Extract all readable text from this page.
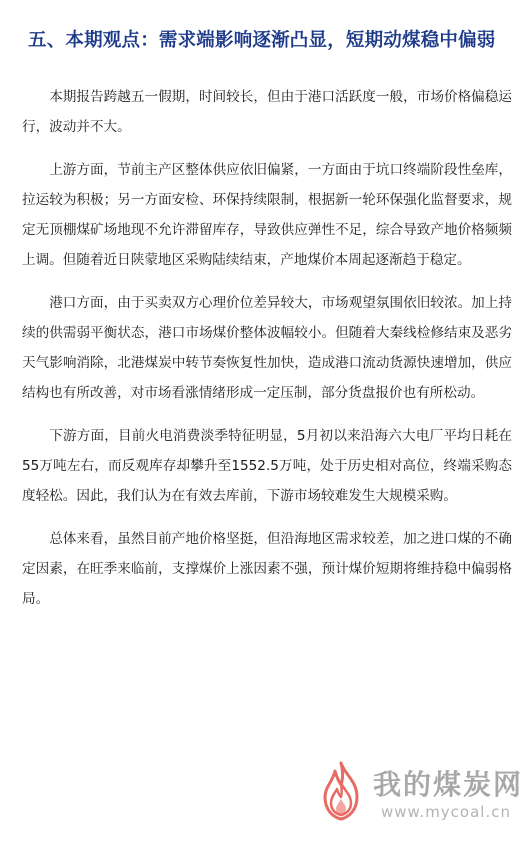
五、本期观点：需求端影响逐渐凸显，短期动煤稳中偏弱

本期报告跨越五一假期，时间较长，但由于港口活跃度一般，市场价格偏稳运行，波动并不大。

上游方面，节前主产区整体供应依旧偏紧，一方面由于坑口终端阶段性垒库，拉运较为积极；另一方面安检、环保持续限制，根据新一轮环保强化监督要求，规定无顶棚煤矿场地现不允许滞留库存，导致供应弹性不足，综合导致产地价格频频上调。但随着近日陕蒙地区采购陆续结束，产地煤价本周起逐渐趋于稳定。

港口方面，由于买卖双方心理价位差异较大，市场观望氛围依旧较浓。加上持续的供需弱平衡状态，港口市场煤价整体波幅较小。但随着大秦线检修结束及恶劣天气影响消除，北港煤炭中转节奏恢复性加快，造成港口流动货源快速增加，供应结构也有所改善，对市场看涨情绪形成一定压制，部分货盘报价也有所松动。

下游方面，目前火电消费淡季特征明显，5月初以来沿海六大电厂平均日耗在55万吨左右，而反观库存却攀升至1552.5万吨，处于历史相对高位，终端采购态度轻松。因此，我们认为在有效去库前，下游市场较难发生大规模采购。

总体来看，虽然目前产地价格坚挺，但沿海地区需求较差，加之进口煤的不确定因素，在旺季来临前，支撑煤价上涨因素不强，预计煤价短期将维持稳中偏弱格局。

我的煤炭网
www.mycoal.cn
